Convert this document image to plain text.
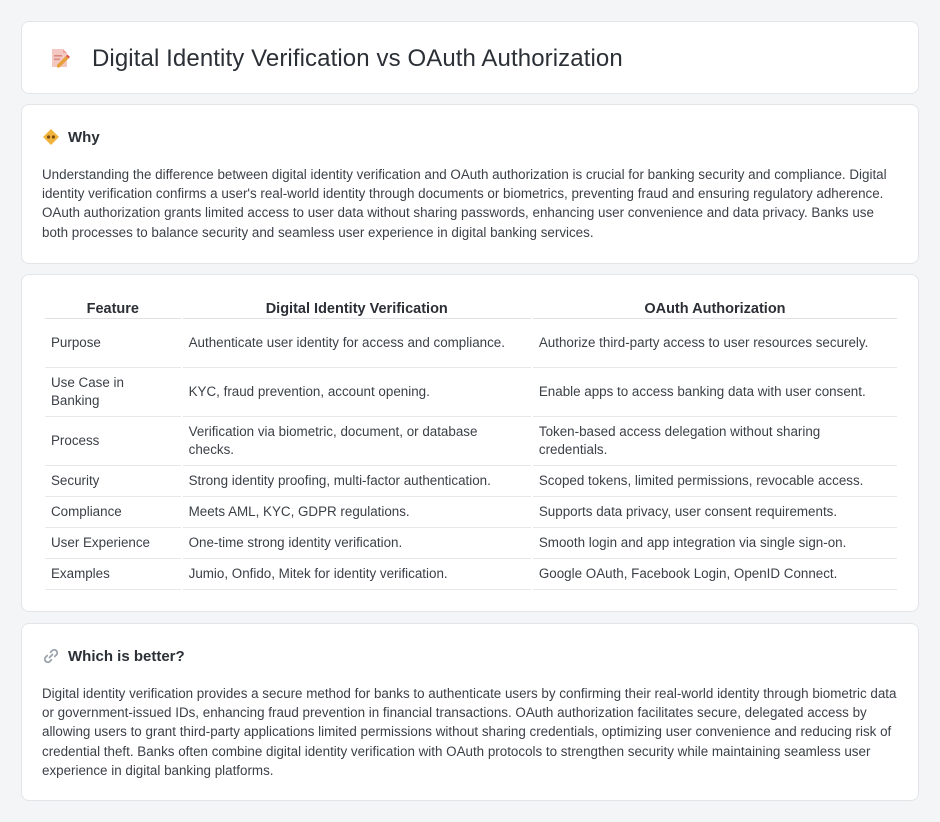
Digital Identity Verification vs OAuth Authorization
Why

Understanding the difference between digital identity verification and OAuth authorization is crucial for banking security and compliance. Digital identity verification confirms a user's real-world identity through documents or biometrics, preventing fraud and ensuring regulatory adherence. OAuth authorization grants limited access to user data without sharing passwords, enhancing user convenience and data privacy. Banks use both processes to balance security and seamless user experience in digital banking services.

Feature	Digital Identity Verification	OAuth Authorization
Purpose	Authenticate user identity for access and compliance.	Authorize third-party access to user resources securely.
Use Case in Banking	KYC, fraud prevention, account opening.	Enable apps to access banking data with user consent.
Process	Verification via biometric, document, or database checks.	Token-based access delegation without sharing credentials.
Security	Strong identity proofing, multi-factor authentication.	Scoped tokens, limited permissions, revocable access.
Compliance	Meets AML, KYC, GDPR regulations.	Supports data privacy, user consent requirements.
User Experience	One-time strong identity verification.	Smooth login and app integration via single sign-on.
Examples	Jumio, Onfido, Mitek for identity verification.	Google OAuth, Facebook Login, OpenID Connect.
Which is better?

Digital identity verification provides a secure method for banks to authenticate users by confirming their real-world identity through biometric data or government-issued IDs, enhancing fraud prevention in financial transactions. OAuth authorization facilitates secure, delegated access by allowing users to grant third-party applications limited permissions without sharing credentials, optimizing user convenience and reducing risk of credential theft. Banks often combine digital identity verification with OAuth protocols to strengthen security while maintaining seamless user experience in digital banking platforms.
